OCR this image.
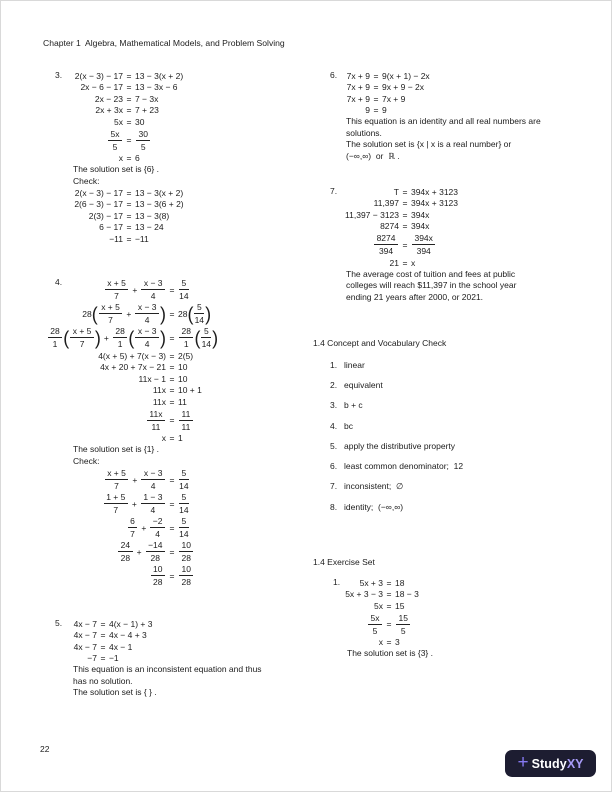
Chapter 1  Algebra, Mathematical Models, and Problem Solving
3.	2(x − 3) − 17 = 13 − 3(x + 2)
2x − 6 − 17 = 13 − 3x − 6
2x − 23 = 7 − 3x
2x + 3x = 7 + 23
5x = 30
$\frac{5x}{5} = \frac{30}{5}$
x = 6
The solution set is {6} .
Check:
2(x − 3) − 17 = 13 − 3(x + 2)
2(6 − 3) − 17 = 13 − 3(6 + 2)
2(3) − 17 = 13 − 3(8)
6 − 17 = 13 − 24
−11 = −11
4.	$\frac{x + 5}{7} + \frac{x - 3}{4} = \frac{5}{14}$
28 ( $\frac{x + 5}{7} + \frac{x - 3}{4}$ ) = 28 ( $\frac{5}{14}$ )
$\frac{28}{1}$ ( $\frac{x + 5}{7}$ ) + $\frac{28}{1}$ ( $\frac{x - 3}{4}$ ) = $\frac{28}{1}$ ( $\frac{5}{14}$ )
4(x + 5) + 7(x − 3) = 2(5)
4x + 20 + 7x − 21 = 10
11x − 1 = 10
11x = 10 + 1
11x = 11
$\frac{11x}{11} = \frac{11}{11}$
x = 1
The solution set is {1} .
Check:
$\frac{x + 5}{7} + \frac{x - 3}{4} = \frac{5}{14}$
$\frac{1 + 5}{7} + \frac{1 - 3}{4} = \frac{5}{14}$
$\frac{6}{7} + \frac{-2}{4} = \frac{5}{14}$
$\frac{24}{28} + \frac{-14}{28} = \frac{10}{28}$
$\frac{10}{28} = \frac{10}{28}$
5.	4x − 7 = 4(x − 1) + 3
4x − 7 = 4x − 4 + 3
4x − 7 = 4x − 1
−7 = −1
This equation is an inconsistent equation and thus
has no solution.
The solution set is { } .
6.	7x + 9 = 9(x + 1) − 2x
7x + 9 = 9x + 9 − 2x
7x + 9 = 7x + 9
9 = 9
This equation is an identity and all real numbers are
solutions.
The solution set is {x | x is a real number} or
(−∞,∞)  or  ℝ .
7.	T = 394x + 3123
11,397 = 394x + 3123
11,397 − 3123 = 394x
8274 = 394x
$\frac{8274}{394} = \frac{394x}{394}$
21 = x
The average cost of tuition and fees at public
colleges will reach $11,397 in the school year
ending 21 years after 2000, or 2021.
1.4 Concept and Vocabulary Check
1. linear
2. equivalent
3. b + c
4. bc
5. apply the distributive property
6. least common denominator;  12
7. inconsistent;  ∅
8. identity;  (−∞,∞)
1.4 Exercise Set
1.	5x + 3 = 18
5x + 3 − 3 = 18 − 3
5x = 15
$\frac{5x}{5} = \frac{15}{5}$
x = 3
The solution set is {3} .
22
+ StudyXY
